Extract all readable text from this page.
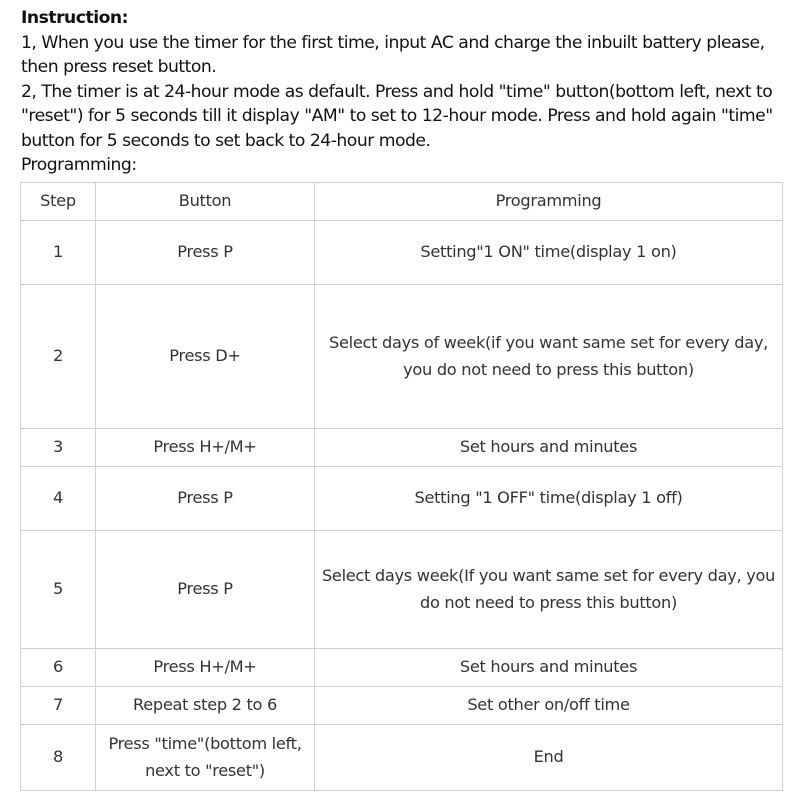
Instruction:

1, When you use the timer for the first time, input AC and charge the inbuilt battery please, then press reset button.

2, The timer is at 24-hour mode as default. Press and hold "time" button(bottom left, next to "reset") for 5 seconds till it display "AM" to set to 12-hour mode. Press and hold again "time" button for 5 seconds to set back to 24-hour mode.

Programming:

Step	Button	Programming
1	Press P	Setting"1 ON" time(display 1 on)
2	Press D+	Select days of week(if you want same set for every day, you do not need to press this button)
3	Press H+/M+	Set hours and minutes
4	Press P	Setting "1 OFF" time(display 1 off)
5	Press P	Select days week(If you want same set for every day, you do not need to press this button)
6	Press H+/M+	Set hours and minutes
7	Repeat step 2 to 6	Set other on/off time
8	Press "time"(bottom left, next to "reset")	End
